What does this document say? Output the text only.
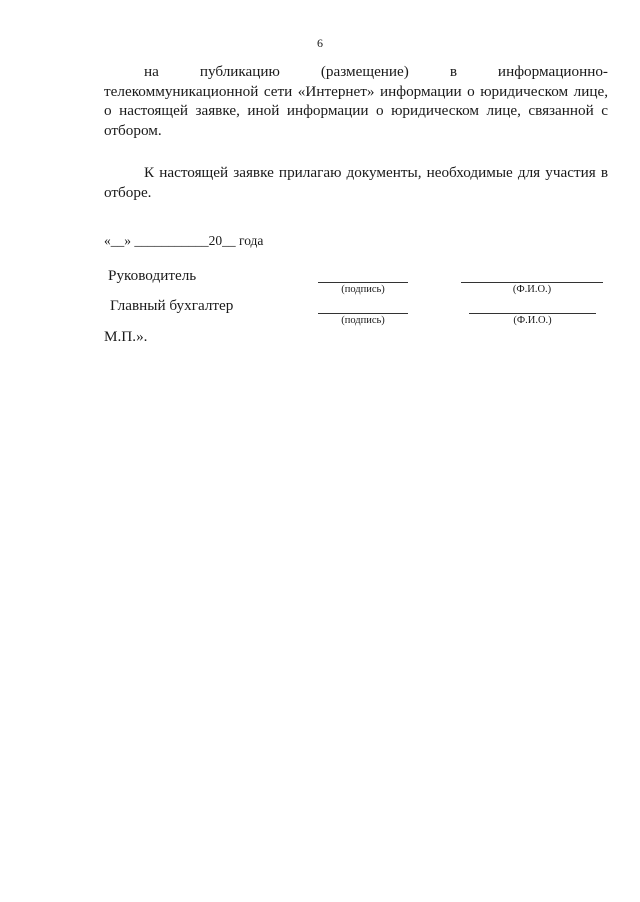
6
на публикацию (размещение) в информационно-телекоммуникационной сети «Интернет» информации о юридическом лице, о настоящей заявке, иной информации о юридическом лице, связанной с отбором.
К настоящей заявке прилагаю документы, необходимые для участия в отборе.
«__» ___________20__ года
Руководитель
(подпись)	(Ф.И.О.)
Главный бухгалтер
(подпись)	(Ф.И.О.)
М.П.».
